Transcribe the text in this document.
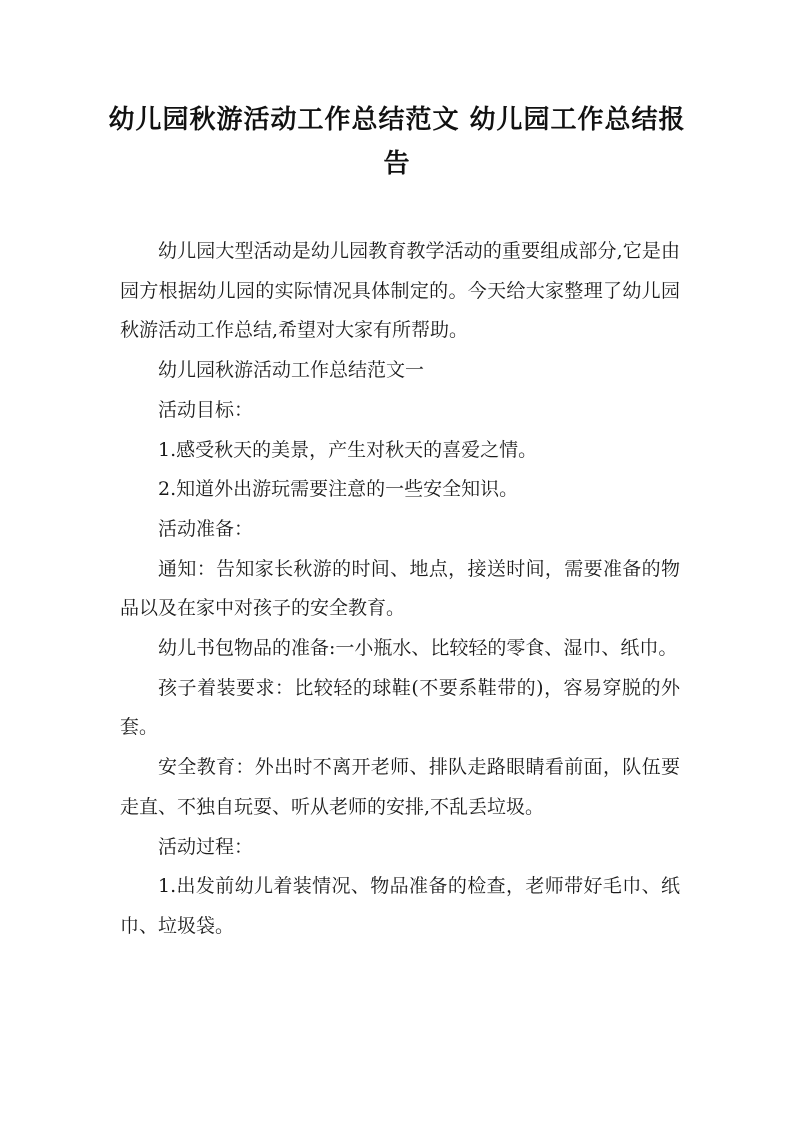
幼儿园秋游活动工作总结范文 幼儿园工作总结报告

幼儿园大型活动是幼儿园教育教学活动的重要组成部分,它是由园方根据幼儿园的实际情况具体制定的。今天给大家整理了幼儿园秋游活动工作总结,希望对大家有所帮助。

幼儿园秋游活动工作总结范文一

活动目标：

1.感受秋天的美景，产生对秋天的喜爱之情。

2.知道外出游玩需要注意的一些安全知识。

活动准备：

通知：告知家长秋游的时间、地点，接送时间，需要准备的物品以及在家中对孩子的安全教育。

幼儿书包物品的准备:一小瓶水、比较轻的零食、湿巾、纸巾。

孩子着装要求：比较轻的球鞋(不要系鞋带的)，容易穿脱的外套。

安全教育：外出时不离开老师、排队走路眼睛看前面，队伍要走直、不独自玩耍、听从老师的安排,不乱丢垃圾。

活动过程：

1.出发前幼儿着装情况、物品准备的检查，老师带好毛巾、纸巾、垃圾袋。
